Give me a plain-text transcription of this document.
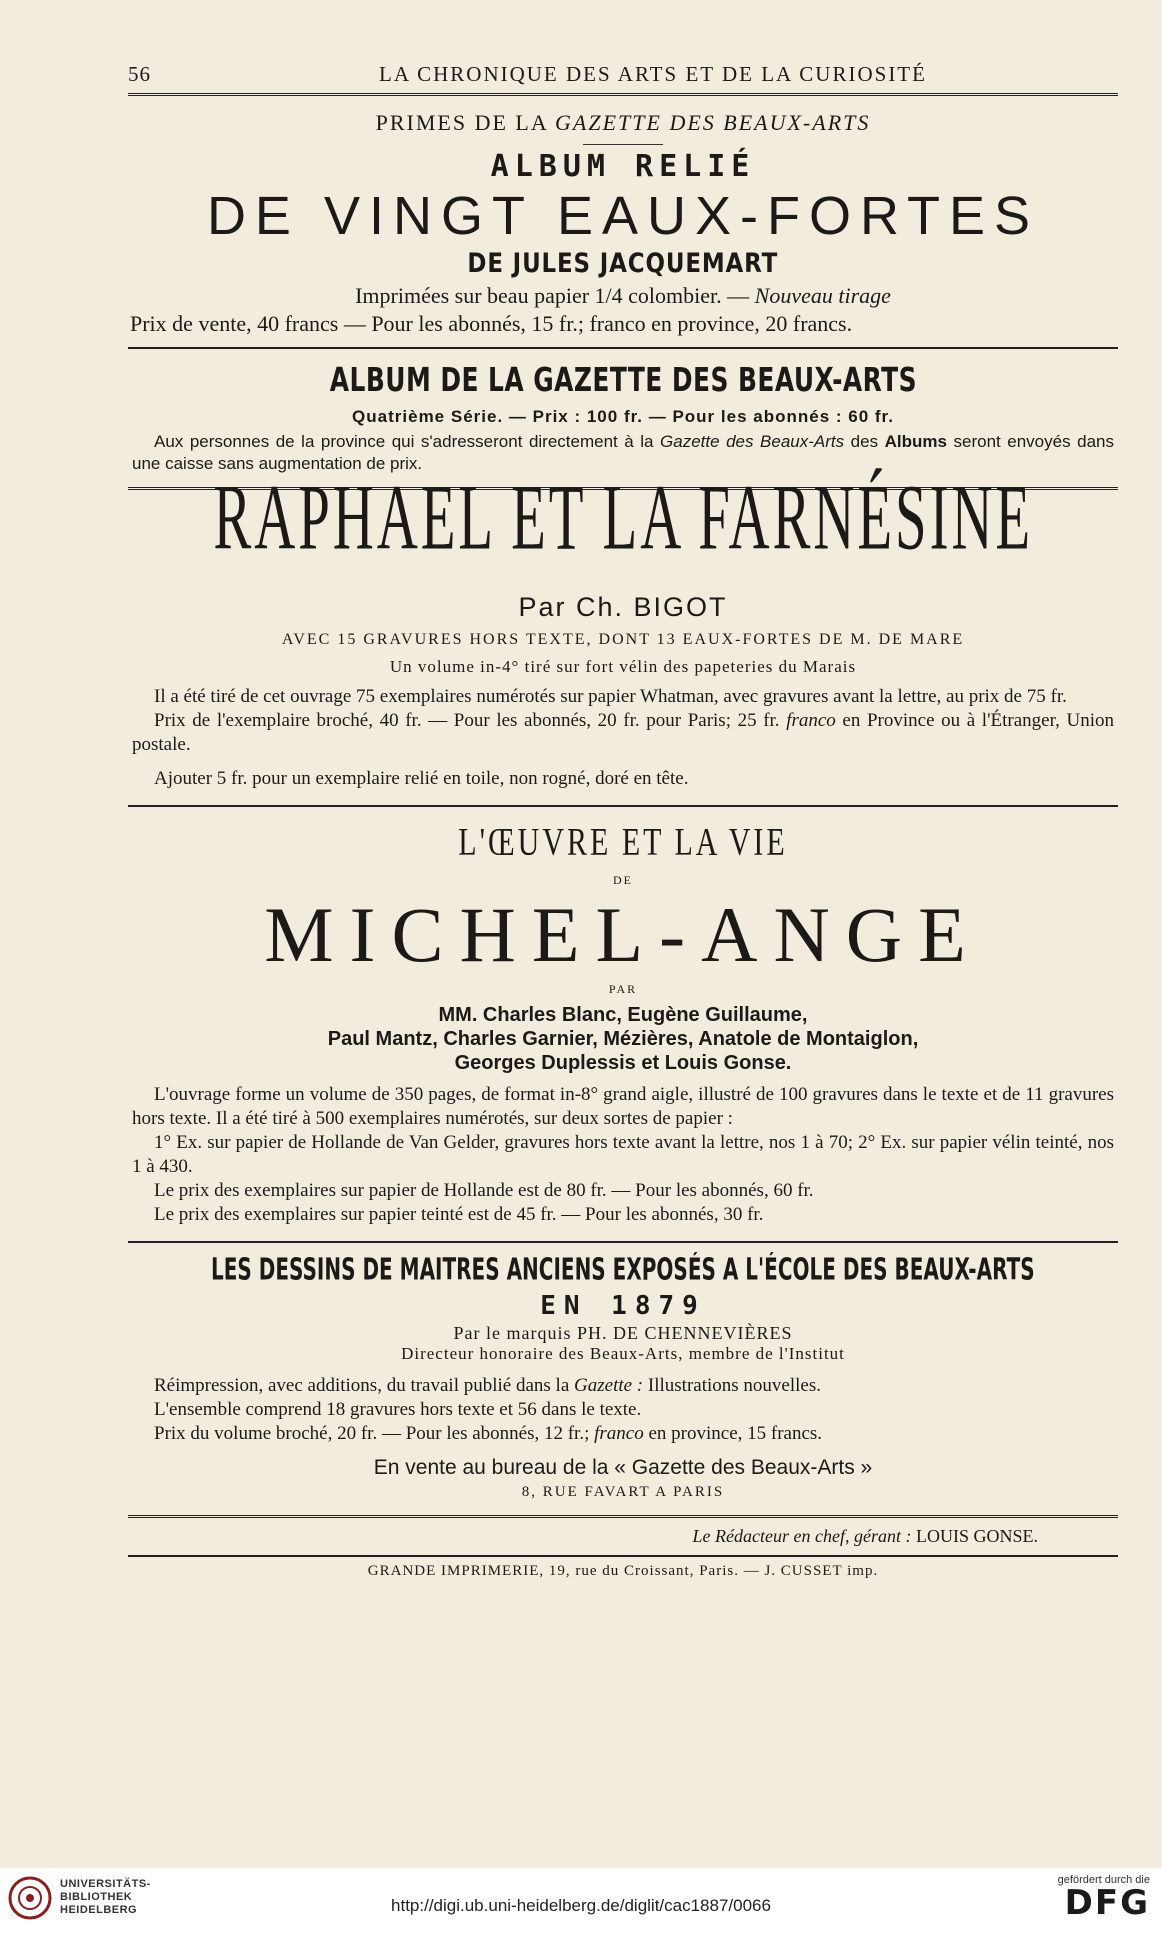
56	LA CHRONIQUE DES ARTS ET DE LA CURIOSITÉ
PRIMES DE LA GAZETTE DES BEAUX-ARTS
ALBUM RELIÉ
DE VINGT EAUX-FORTES
DE JULES JACQUEMART
Imprimées sur beau papier 1/4 colombier. — Nouveau tirage
Prix de vente, 40 francs — Pour les abonnés, 15 fr.; franco en province, 20 francs.
ALBUM DE LA GAZETTE DES BEAUX-ARTS
Quatrième Série. — Prix : 100 fr. — Pour les abonnés : 60 fr.
Aux personnes de la province qui s'adresseront directement à la Gazette des Beaux-Arts des Albums seront envoyés dans une caisse sans augmentation de prix.
RAPHAEL ET LA FARNÉSINE
Par Ch. BIGOT
AVEC 15 GRAVURES HORS TEXTE, DONT 13 EAUX-FORTES DE M. DE MARE
Un volume in-4° tiré sur fort vélin des papeteries du Marais
Il a été tiré de cet ouvrage 75 exemplaires numérotés sur papier Whatman, avec gravures avant la lettre, au prix de 75 fr.
Prix de l'exemplaire broché, 40 fr. — Pour les abonnés, 20 fr. pour Paris; 25 fr. franco en Province ou à l'Étranger, Union postale.
Ajouter 5 fr. pour un exemplaire relié en toile, non rogné, doré en tête.
L'ŒUVRE ET LA VIE
DE
MICHEL-ANGE
PAR
MM. Charles Blanc, Eugène Guillaume,
Paul Mantz, Charles Garnier, Mézières, Anatole de Montaiglon,
Georges Duplessis et Louis Gonse.
L'ouvrage forme un volume de 350 pages, de format in-8° grand aigle, illustré de 100 gravures dans le texte et de 11 gravures hors texte. Il a été tiré à 500 exemplaires numérotés, sur deux sortes de papier :
1° Ex. sur papier de Hollande de Van Gelder, gravures hors texte avant la lettre, nos 1 à 70; 2° Ex. sur papier vélin teinté, nos 1 à 430.
Le prix des exemplaires sur papier de Hollande est de 80 fr. — Pour les abonnés, 60 fr.
Le prix des exemplaires sur papier teinté est de 45 fr. — Pour les abonnés, 30 fr.
LES DESSINS DE MAITRES ANCIENS EXPOSÉS A L'ÉCOLE DES BEAUX-ARTS
EN 1879
Par le marquis PH. DE CHENNEVIÈRES
Directeur honoraire des Beaux-Arts, membre de l'Institut
Réimpression, avec additions, du travail publié dans la Gazette : Illustrations nouvelles.
L'ensemble comprend 18 gravures hors texte et 56 dans le texte.
Prix du volume broché, 20 fr. — Pour les abonnés, 12 fr.; franco en province, 15 francs.
En vente au bureau de la « Gazette des Beaux-Arts »
8, RUE FAVART A PARIS
Le Rédacteur en chef, gérant : LOUIS GONSE.
GRANDE IMPRIMERIE, 19, rue du Croissant, Paris. — J. CUSSET imp.
UNIVERSITÄTS-
BIBLIOTHEK
HEIDELBERG	http://digi.ub.uni-heidelberg.de/diglit/cac1887/0066
gefördert durch die
DFG
